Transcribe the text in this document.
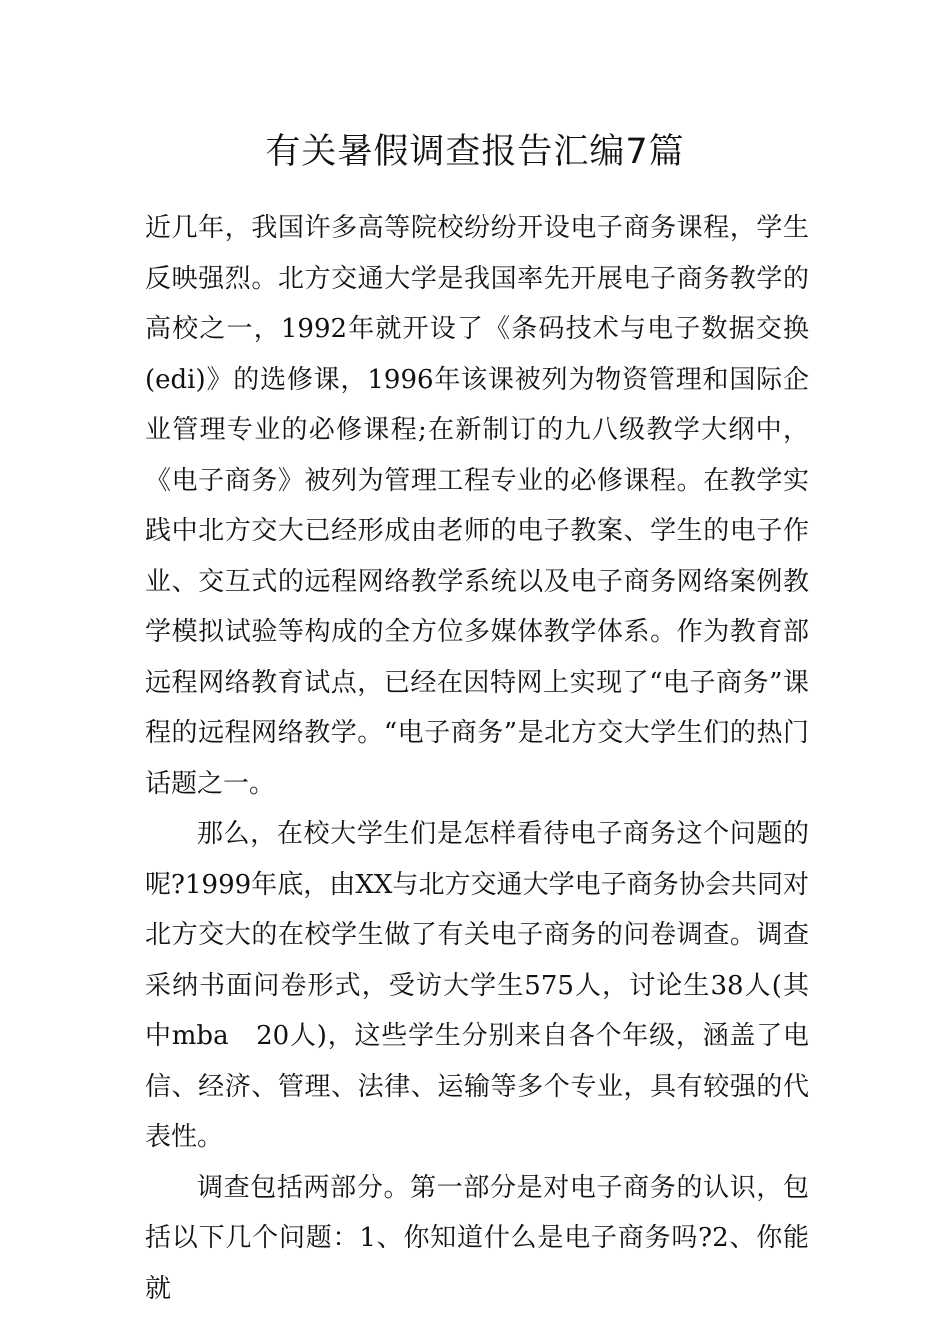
有关暑假调查报告汇编7篇

近几年，我国许多高等院校纷纷开设电子商务课程，学生反映强烈。北方交通大学是我国率先开展电子商务教学的高校之一，1992年就开设了《条码技术与电子数据交换(edi)》的选修课，1996年该课被列为物资管理和国际企业管理专业的必修课程;在新制订的九八级教学大纲中，《电子商务》被列为管理工程专业的必修课程。在教学实践中北方交大已经形成由老师的电子教案、学生的电子作业、交互式的远程网络教学系统以及电子商务网络案例教学模拟试验等构成的全方位多媒体教学体系。作为教育部远程网络教育试点，已经在因特网上实现了“电子商务”课程的远程网络教学。“电子商务”是北方交大学生们的热门话题之一。

那么，在校大学生们是怎样看待电子商务这个问题的呢?1999年底，由XX与北方交通大学电子商务协会共同对北方交大的在校学生做了有关电子商务的问卷调查。调查采纳书面问卷形式，受访大学生575人，讨论生38人(其中mba　20人)，这些学生分别来自各个年级，涵盖了电信、经济、管理、法律、运输等多个专业，具有较强的代表性。

调查包括两部分。第一部分是对电子商务的认识，包括以下几个问题：1、你知道什么是电子商务吗?2、你能就
